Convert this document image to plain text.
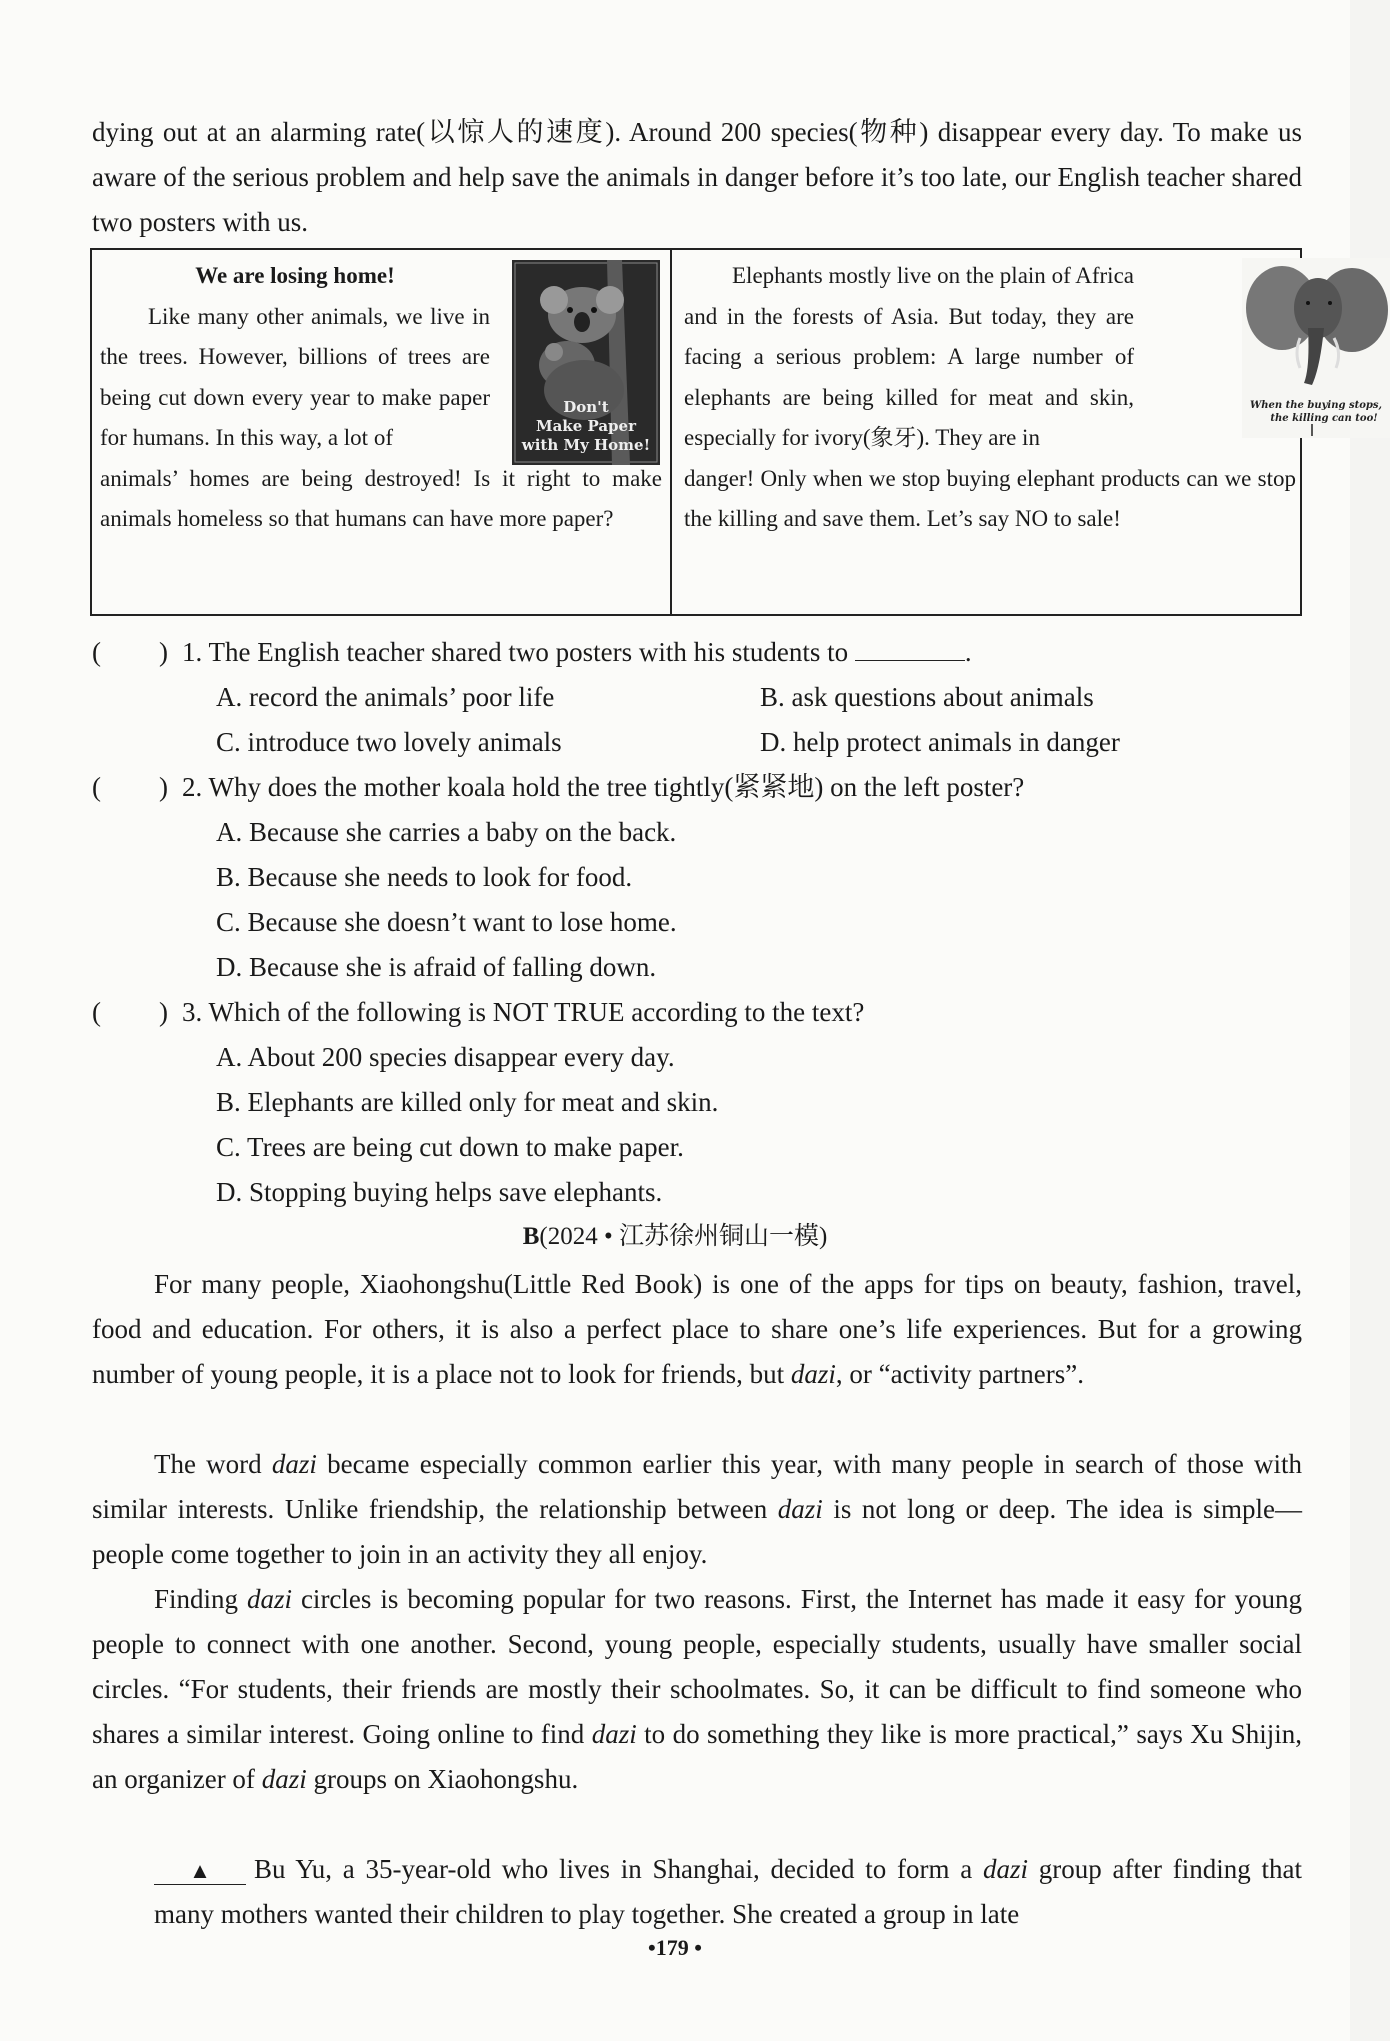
dying out at an alarming rate(以惊人的速度). Around 200 species(物种) disappear every day. To make us aware of the serious problem and help save the animals in danger before it’s too late, our English teacher shared two posters with us.

We are losing home!
Like many other animals, we live in the trees. However, billions of trees are being cut down every year to make paper for humans. In this way, a lot of
animals’ homes are being destroyed! Is it right to make animals homeless so that humans can have more paper?
Don't
Make Paper
with My Home!
Elephants mostly live on the plain of Africa and in the forests of Asia. But today, they are facing a serious problem: A large number of elephants are being killed for meat and skin, especially for ivory(象牙). They are in
danger! Only when we stop buying elephant products can we stop the killing and save them. Let’s say NO to sale!
When the buying stops,
the killing can too!
( ) 1. The English teacher shared two posters with his students to	.
A. record the animals’ poor life	B. ask questions about animals
C. introduce two lovely animals	D. help protect animals in danger
( ) 2. Why does the mother koala hold the tree tightly(紧紧地) on the left poster?
A. Because she carries a baby on the back.
B. Because she needs to look for food.
C. Because she doesn’t want to lose home.
D. Because she is afraid of falling down.
( ) 3. Which of the following is NOT TRUE according to the text?
A. About 200 species disappear every day.
B. Elephants are killed only for meat and skin.
C. Trees are being cut down to make paper.
D. Stopping buying helps save elephants.
B(2024 • 江苏徐州铜山一模)

For many people, Xiaohongshu(Little Red Book) is one of the apps for tips on beauty, fashion, travel, food and education. For others, it is also a perfect place to share one’s life experiences. But for a growing number of young people, it is a place not to look for friends, but dazi, or “activity partners”.

The word dazi became especially common earlier this year, with many people in search of those with similar interests. Unlike friendship, the relationship between dazi is not long or deep. The idea is simple—people come together to join in an activity they all enjoy.

Finding dazi circles is becoming popular for two reasons. First, the Internet has made it easy for young people to connect with one another. Second, young people, especially students, usually have smaller social circles. “For students, their friends are mostly their schoolmates. So, it can be difficult to find someone who shares a similar interest. Going online to find dazi to do something they like is more practical,” says Xu Shijin, an organizer of dazi groups on Xiaohongshu.

▲ Bu Yu, a 35-year-old who lives in Shanghai, decided to form a dazi group after finding that many mothers wanted their children to play together. She created a group in late

•179 •
